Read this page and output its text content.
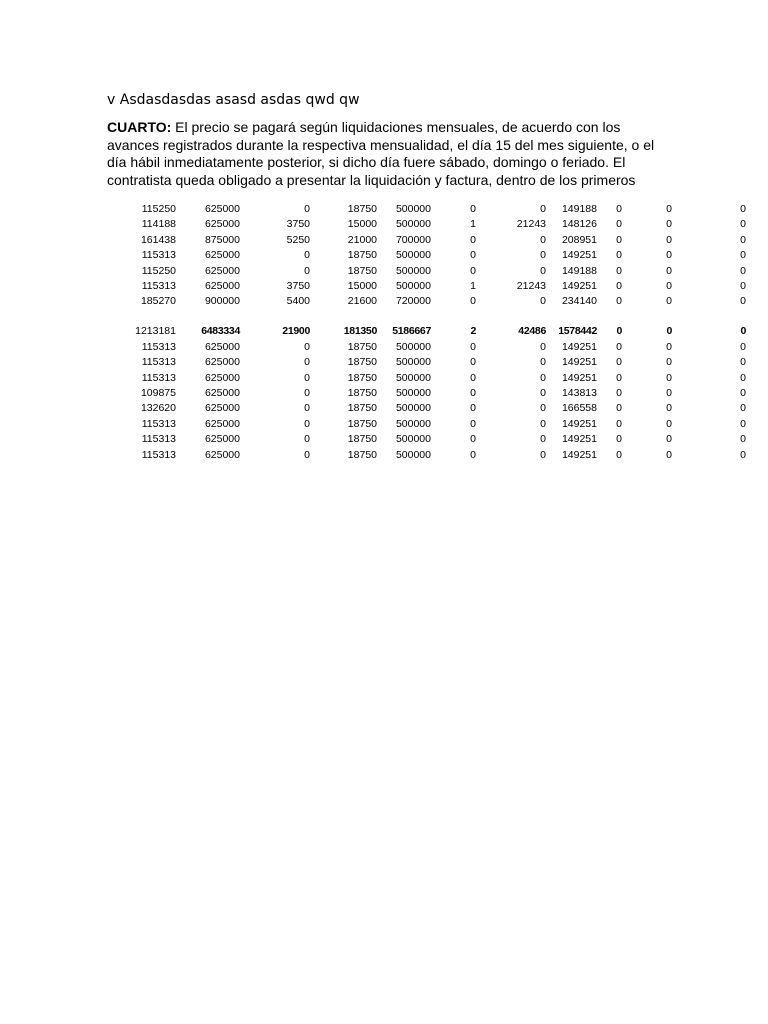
v Asdasdasdas asasd asdas qwd qw

CUARTO: El precio se pagará según liquidaciones mensuales, de acuerdo con los avances registrados durante la respectiva mensualidad, el día 15 del mes siguiente, o el día hábil inmediatamente posterior, si dicho día fuere sábado, domingo o feriado. El contratista queda obligado a presentar la liquidación y factura, dentro de los primeros

115250	625000	0	18750	500000	0	0	149188	0	0	0
114188	625000	3750	15000	500000	1	21243	148126	0	0	0
161438	875000	5250	21000	700000	0	0	208951	0	0	0
115313	625000	0	18750	500000	0	0	149251	0	0	0
115250	625000	0	18750	500000	0	0	149188	0	0	0
115313	625000	3750	15000	500000	1	21243	149251	0	0	0
185270	900000	5400	21600	720000	0	0	234140	0	0	0

1213181	6483334	21900	181350	5186667	2	42486	1578442	0	0	0
115313	625000	0	18750	500000	0	0	149251	0	0	0
115313	625000	0	18750	500000	0	0	149251	0	0	0
115313	625000	0	18750	500000	0	0	149251	0	0	0
109875	625000	0	18750	500000	0	0	143813	0	0	0
132620	625000	0	18750	500000	0	0	166558	0	0	0
115313	625000	0	18750	500000	0	0	149251	0	0	0
115313	625000	0	18750	500000	0	0	149251	0	0	0
115313	625000	0	18750	500000	0	0	149251	0	0	0
